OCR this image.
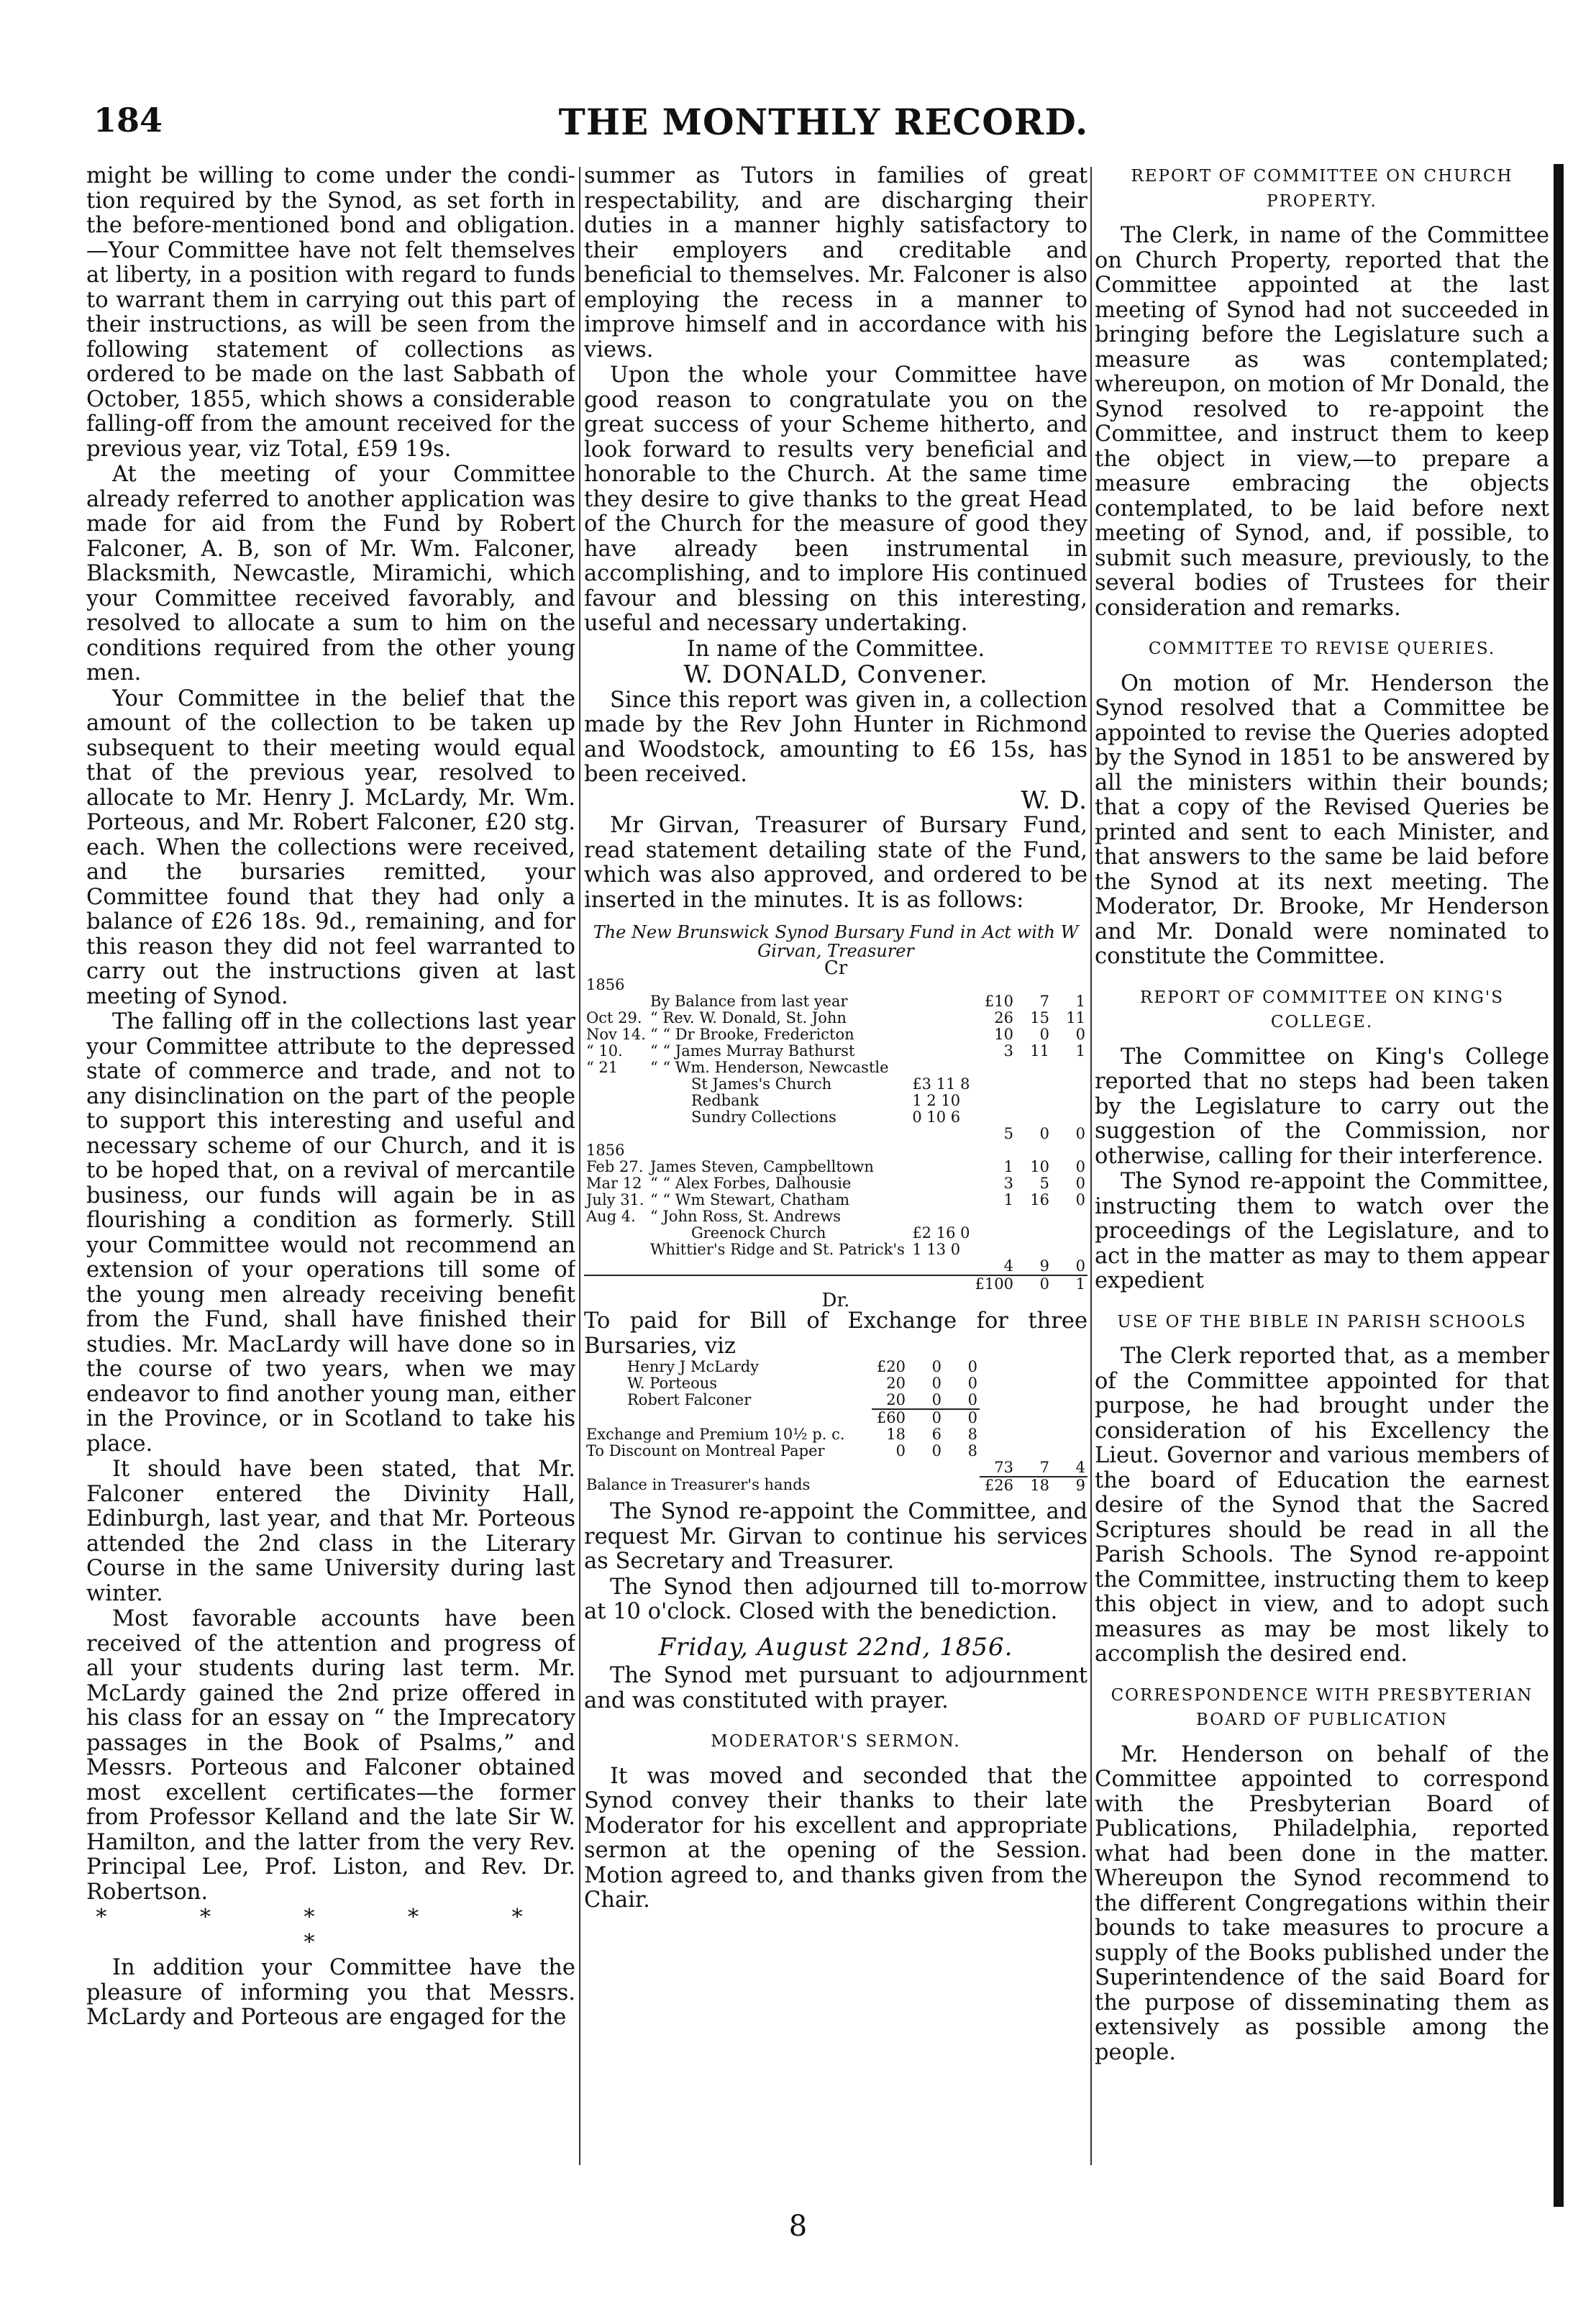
184	THE MONTHLY RECORD.

might be willing to come under the condi-tion required by the Synod, as set forth in the before-mentioned bond and obligation.—Your Committee have not felt themselves at liberty, in a position with regard to funds to warrant them in carrying out this part of their instructions, as will be seen from the following statement of collections as ordered to be made on the last Sabbath of October, 1855, which shows a considerable falling-off from the amount received for the previous year, viz Total, £59 19s.

At the meeting of your Committee already referred to another application was made for aid from the Fund by Robert Falconer, A. B, son of Mr. Wm. Falconer, Blacksmith, Newcastle, Miramichi, which your Committee received favorably, and resolved to allocate a sum to him on the conditions required from the other young men.

Your Committee in the belief that the amount of the collection to be taken up subsequent to their meeting would equal that of the previous year, resolved to allocate to Mr. Henry J. McLardy, Mr. Wm. Porteous, and Mr. Robert Falconer, £20 stg. each. When the collections were received, and the bursaries remitted, your Committee found that they had only a balance of £26 18s. 9d., remaining, and for this reason they did not feel warranted to carry out the instructions given at last meeting of Synod.

The falling off in the collections last year your Committee attribute to the depressed state of commerce and trade, and not to any disinclination on the part of the people to support this interesting and useful and necessary scheme of our Church, and it is to be hoped that, on a revival of mercantile business, our funds will again be in as flourishing a condition as formerly. Still your Committee would not recommend an extension of your operations till some of the young men already receiving benefit from the Fund, shall have finished their studies. Mr. MacLardy will have done so in the course of two years, when we may endeavor to find another young man, either in the Province, or in Scotland to take his place.

It should have been stated, that Mr. Falconer entered the Divinity Hall, Edinburgh, last year, and that Mr. Porteous attended the 2nd class in the Literary Course in the same University during last winter.

Most favorable accounts have been received of the attention and progress of all your students during last term. Mr. McLardy gained the 2nd prize offered in his class for an essay on “ the Imprecatory passages in the Book of Psalms,” and Messrs. Porteous and Falconer obtained most excellent certificates—the former from Professor Kelland and the late Sir W. Hamilton, and the latter from the very Rev. Principal Lee, Prof. Liston, and Rev. Dr. Robertson.

* * * * * *

In addition your Committee have the pleasure of informing you that Messrs. McLardy and Porteous are engaged for the

summer as Tutors in families of great respectability, and are discharging their duties in a manner highly satisfactory to their employers and creditable and beneficial to themselves. Mr. Falconer is also employing the recess in a manner to improve himself and in accordance with his views.

Upon the whole your Committee have good reason to congratulate you on the great success of your Scheme hitherto, and look forward to results very beneficial and honorable to the Church. At the same time they desire to give thanks to the great Head of the Church for the measure of good they have already been instrumental in accomplishing, and to implore His continued favour and blessing on this interesting, useful and necessary undertaking.

In name of the Committee.

W. DONALD, Convener.

Since this report was given in, a collection made by the Rev John Hunter in Richmond and Woodstock, amounting to £6 15s, has been received.

W. D.

Mr Girvan, Treasurer of Bursary Fund, read statement detailing state of the Fund, which was also approved, and ordered to be inserted in the minutes. It is as follows:

The New Brunswick Synod Bursary Fund in Act with W Girvan, Treasurer
Cr
1856					
	By Balance from last year		£10	7	1
Oct 29.	“ Rev. W. Donald, St. John		26	15	11
Nov 14.	“ “ Dr Brooke, Fredericton		10	0	0
“ 10.	“ “ James Murray Bathurst		3	11	1
“ 21	“ “ Wm. Henderson, Newcastle				
	St James's Church	£3 11 8			
	Redbank	1 2 10			
	Sundry Collections	0 10 6			
			5	0	0
1856					
Feb 27.	James Steven, Campbelltown		1	10	0
Mar 12	“ “ Alex Forbes, Dalhousie		3	5	0
July 31.	“ “ Wm Stewart, Chatham		1	16	0
Aug 4.	“ John Ross, St. Andrews				
	Greenock Church	£2 16 0			
	Whittier's Ridge and St. Patrick's	1 13 0			
			4	9	0
			£100	0	1
Dr.
To paid for Bill of Exchange for three Bursaries, viz
Henry J McLardy	£20	0	0			
W. Porteous	20	0	0			
Robert Falconer	20	0	0			
	£60	0	0			
Exchange and Premium 10½ p. c.	18	6	8			
To Discount on Montreal Paper	0	0	8			
				73	7	4
Balance in Treasurer's hands				£26	18	9

The Synod re-appoint the Committee, and request Mr. Girvan to continue his services as Secretary and Treasurer.

The Synod then adjourned till to-morrow at 10 o'clock. Closed with the benediction.

Friday, August 22nd, 1856.

The Synod met pursuant to adjournment and was constituted with prayer.

MODERATOR'S SERMON.

It was moved and seconded that the Synod convey their thanks to their late Moderator for his excellent and appropriate sermon at the opening of the Session. Motion agreed to, and thanks given from the Chair.

REPORT OF COMMITTEE ON CHURCH PROPERTY.

The Clerk, in name of the Committee on Church Property, reported that the Committee appointed at the last meeting of Synod had not succeeded in bringing before the Legislature such a measure as was contemplated; whereupon, on motion of Mr Donald, the Synod resolved to re-appoint the Committee, and instruct them to keep the object in view,—to prepare a measure embracing the objects contemplated, to be laid before next meeting of Synod, and, if possible, to submit such measure, previously, to the several bodies of Trustees for their consideration and remarks.

COMMITTEE TO REVISE QUERIES.

On motion of Mr. Henderson the Synod resolved that a Committee be appointed to revise the Queries adopted by the Synod in 1851 to be answered by all the ministers within their bounds; that a copy of the Revised Queries be printed and sent to each Minister, and that answers to the same be laid before the Synod at its next meeting. The Moderator, Dr. Brooke, Mr Henderson and Mr. Donald were nominated to constitute the Committee.

REPORT OF COMMITTEE ON KING'S COLLEGE.

The Committee on King's College reported that no steps had been taken by the Legislature to carry out the suggestion of the Commission, nor otherwise, calling for their interference.

The Synod re-appoint the Committee, instructing them to watch over the proceedings of the Legislature, and to act in the matter as may to them appear expedient

USE OF THE BIBLE IN PARISH SCHOOLS

The Clerk reported that, as a member of the Committee appointed for that purpose, he had brought under the consideration of his Excellency the Lieut. Governor and various members of the board of Education the earnest desire of the Synod that the Sacred Scriptures should be read in all the Parish Schools. The Synod re-appoint the Committee, instructing them to keep this object in view, and to adopt such measures as may be most likely to accomplish the desired end.

CORRESPONDENCE WITH PRESBYTERIAN BOARD OF PUBLICATION

Mr. Henderson on behalf of the Committee appointed to correspond with the Presbyterian Board of Publications, Philadelphia, reported what had been done in the matter. Whereupon the Synod recommend to the different Congregations within their bounds to take measures to procure a supply of the Books published under the Superintendence of the said Board for the purpose of disseminating them as extensively as possible among the people.

8
